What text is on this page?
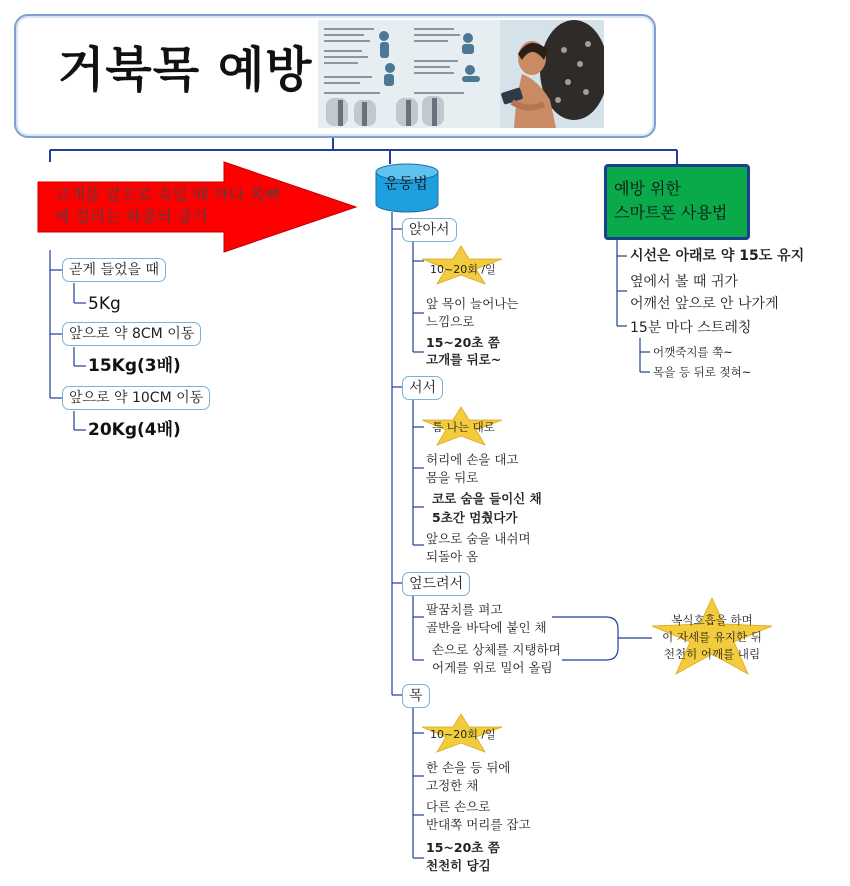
거북목 예방
고개를 앞으로 숙일 때 마다 목뼈에 걸리는 하중의 증가
곧게 들었을 때
5Kg
앞으로 약 8CM 이동
15Kg(3배)
앞으로 약 10CM 이동
20Kg(4배)
운동법
앉아서
10~20회 /일
앞 목이 늘어나는
느낌으로
15~20초 쯤
고개를 뒤로~
서서
틈 나는 대로
허리에 손을 대고
몸을 뒤로
코로 숨을 들이신 채
5초간 멈췄다가
앞으로 숨을 내쉬며
되돌아 옴
엎드려서
팔꿈치를 펴고
골반을 바닥에 붙인 채
손으로 상체를 지탱하며
어게를 위로 밀어 올림
복식호흡을 하며
이 자세를 유지한 뒤
천천히 어깨를 내림
목
10~20회 /일
한 손을 등 뒤에
고정한 채
다른 손으로
반대쪽 머리를 잡고
15~20초 쯤
천천히 당김
예방 위한
스마트폰 사용법
시선은 아래로 약 15도 유지
옆에서 볼 때 귀가
어깨선 앞으로 안 나가게
15분 마다 스트레칭
어깻죽지를 쭉~
목을 등 뒤로 젖혀~
